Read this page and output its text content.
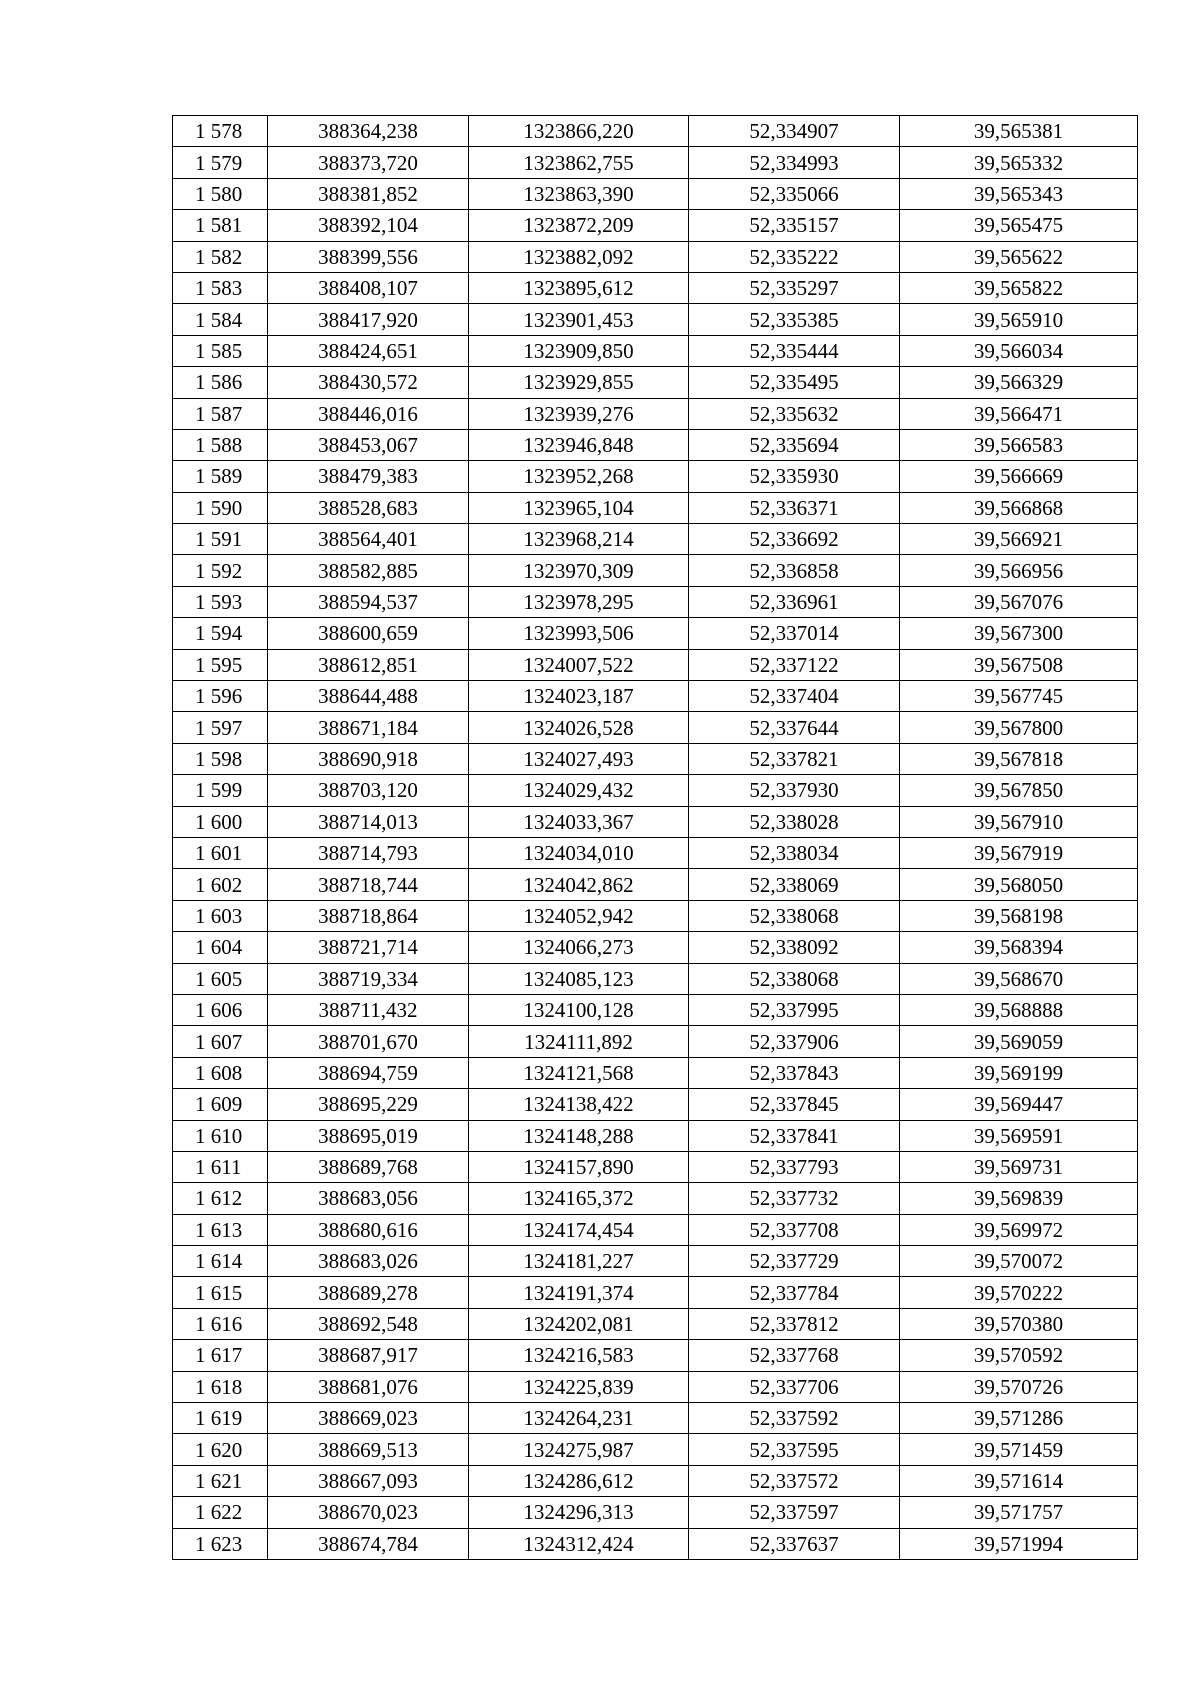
1 578	388364,238	1323866,220	52,334907	39,565381
1 579	388373,720	1323862,755	52,334993	39,565332
1 580	388381,852	1323863,390	52,335066	39,565343
1 581	388392,104	1323872,209	52,335157	39,565475
1 582	388399,556	1323882,092	52,335222	39,565622
1 583	388408,107	1323895,612	52,335297	39,565822
1 584	388417,920	1323901,453	52,335385	39,565910
1 585	388424,651	1323909,850	52,335444	39,566034
1 586	388430,572	1323929,855	52,335495	39,566329
1 587	388446,016	1323939,276	52,335632	39,566471
1 588	388453,067	1323946,848	52,335694	39,566583
1 589	388479,383	1323952,268	52,335930	39,566669
1 590	388528,683	1323965,104	52,336371	39,566868
1 591	388564,401	1323968,214	52,336692	39,566921
1 592	388582,885	1323970,309	52,336858	39,566956
1 593	388594,537	1323978,295	52,336961	39,567076
1 594	388600,659	1323993,506	52,337014	39,567300
1 595	388612,851	1324007,522	52,337122	39,567508
1 596	388644,488	1324023,187	52,337404	39,567745
1 597	388671,184	1324026,528	52,337644	39,567800
1 598	388690,918	1324027,493	52,337821	39,567818
1 599	388703,120	1324029,432	52,337930	39,567850
1 600	388714,013	1324033,367	52,338028	39,567910
1 601	388714,793	1324034,010	52,338034	39,567919
1 602	388718,744	1324042,862	52,338069	39,568050
1 603	388718,864	1324052,942	52,338068	39,568198
1 604	388721,714	1324066,273	52,338092	39,568394
1 605	388719,334	1324085,123	52,338068	39,568670
1 606	388711,432	1324100,128	52,337995	39,568888
1 607	388701,670	1324111,892	52,337906	39,569059
1 608	388694,759	1324121,568	52,337843	39,569199
1 609	388695,229	1324138,422	52,337845	39,569447
1 610	388695,019	1324148,288	52,337841	39,569591
1 611	388689,768	1324157,890	52,337793	39,569731
1 612	388683,056	1324165,372	52,337732	39,569839
1 613	388680,616	1324174,454	52,337708	39,569972
1 614	388683,026	1324181,227	52,337729	39,570072
1 615	388689,278	1324191,374	52,337784	39,570222
1 616	388692,548	1324202,081	52,337812	39,570380
1 617	388687,917	1324216,583	52,337768	39,570592
1 618	388681,076	1324225,839	52,337706	39,570726
1 619	388669,023	1324264,231	52,337592	39,571286
1 620	388669,513	1324275,987	52,337595	39,571459
1 621	388667,093	1324286,612	52,337572	39,571614
1 622	388670,023	1324296,313	52,337597	39,571757
1 623	388674,784	1324312,424	52,337637	39,571994
